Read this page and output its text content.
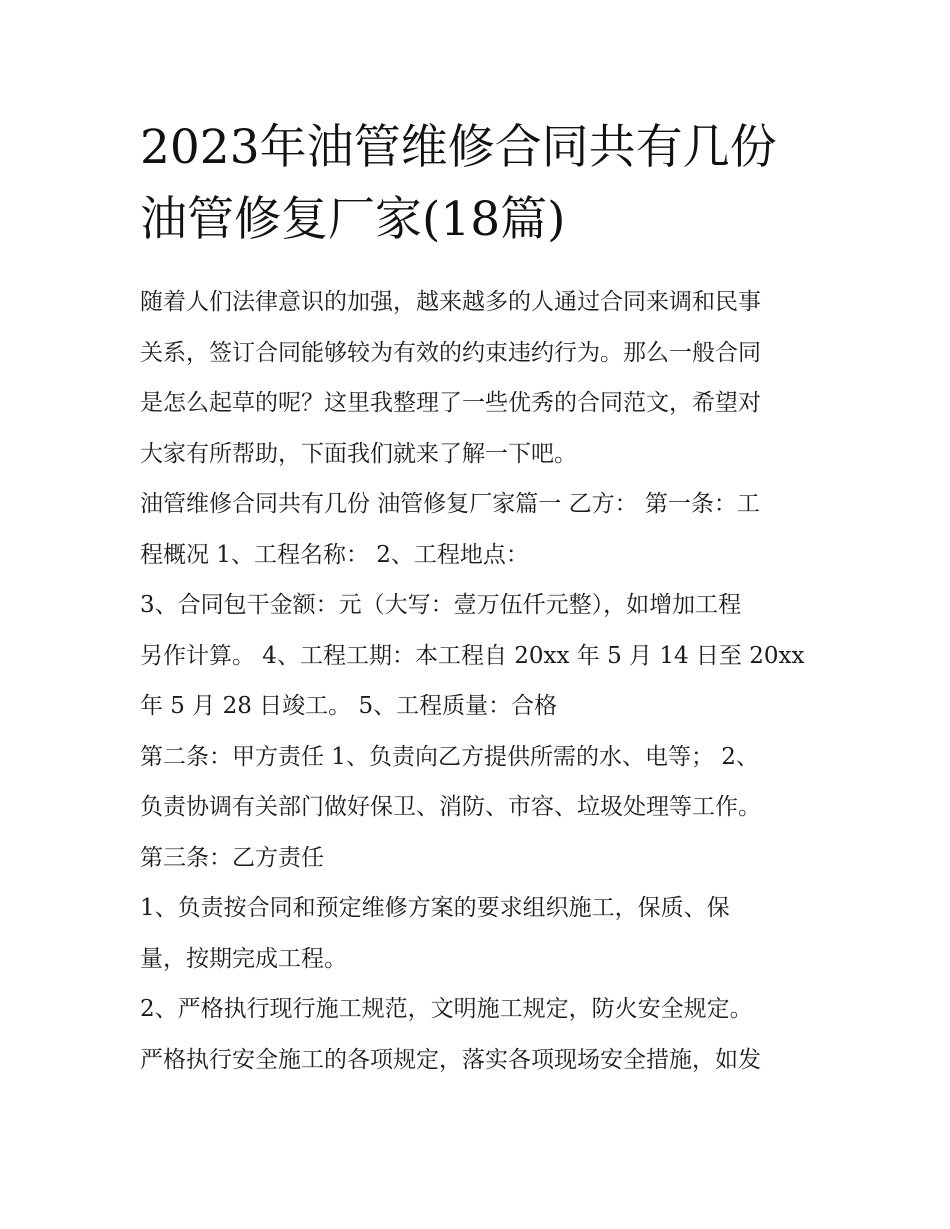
2023年油管维修合同共有几份
油管修复厂家(18篇)
随着人们法律意识的加强，越来越多的人通过合同来调和民事
关系，签订合同能够较为有效的约束违约行为。那么一般合同
是怎么起草的呢？这里我整理了一些优秀的合同范文，希望对
大家有所帮助，下面我们就来了解一下吧。
油管维修合同共有几份 油管修复厂家篇一 乙方： 第一条：工
程概况 1、工程名称： 2、工程地点：
3、合同包干金额：元（大写：壹万伍仟元整），如增加工程
另作计算。 4、工程工期：本工程自 20xx 年 5 月 14 日至 20xx
年 5 月 28 日竣工。 5、工程质量：合格
第二条：甲方责任 1、负责向乙方提供所需的水、电等； 2、
负责协调有关部门做好保卫、消防、市容、垃圾处理等工作。
第三条：乙方责任
1、负责按合同和预定维修方案的要求组织施工，保质、保
量，按期完成工程。
2、严格执行现行施工规范，文明施工规定，防火安全规定。
严格执行安全施工的各项规定，落实各项现场安全措施，如发
